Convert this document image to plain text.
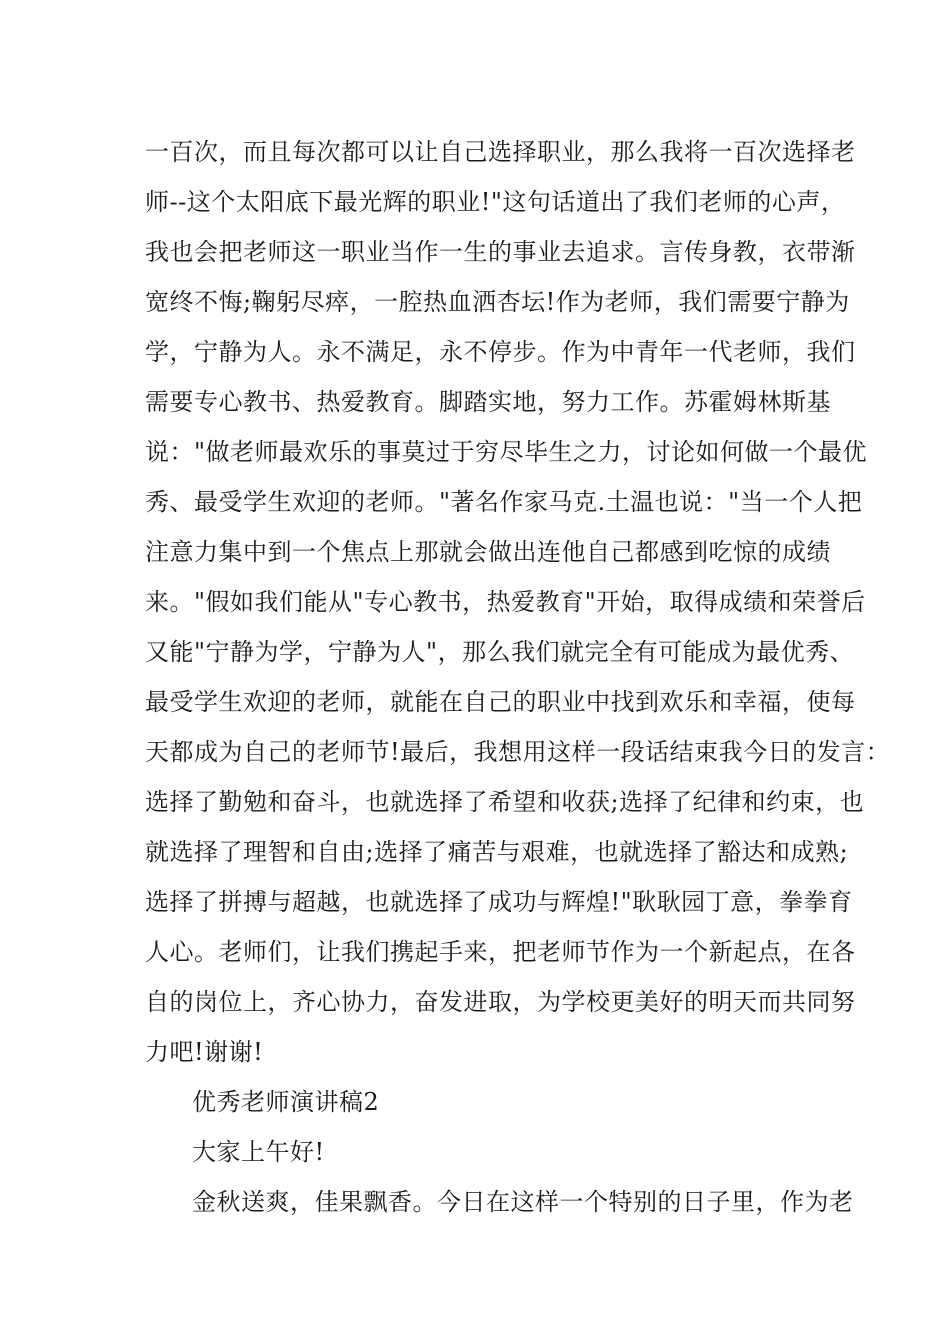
一百次，而且每次都可以让自己选择职业，那么我将一百次选择老
师--这个太阳底下最光辉的职业!"这句话道出了我们老师的心声，
我也会把老师这一职业当作一生的事业去追求。言传身教，衣带渐
宽终不悔;鞠躬尽瘁，一腔热血洒杏坛!作为老师，我们需要宁静为
学，宁静为人。永不满足，永不停步。作为中青年一代老师，我们
需要专心教书、热爱教育。脚踏实地，努力工作。苏霍姆林斯基
说："做老师最欢乐的事莫过于穷尽毕生之力，讨论如何做一个最优
秀、最受学生欢迎的老师。"著名作家马克.土温也说："当一个人把
注意力集中到一个焦点上那就会做出连他自己都感到吃惊的成绩
来。"假如我们能从"专心教书，热爱教育"开始，取得成绩和荣誉后
又能"宁静为学，宁静为人"，那么我们就完全有可能成为最优秀、
最受学生欢迎的老师，就能在自己的职业中找到欢乐和幸福，使每
天都成为自己的老师节!最后，我想用这样一段话结束我今日的发言：
选择了勤勉和奋斗，也就选择了希望和收获;选择了纪律和约束，也
就选择了理智和自由;选择了痛苦与艰难，也就选择了豁达和成熟;
选择了拼搏与超越，也就选择了成功与辉煌!"耿耿园丁意，拳拳育
人心。老师们，让我们携起手来，把老师节作为一个新起点，在各
自的岗位上，齐心协力，奋发进取，为学校更美好的明天而共同努
力吧!谢谢!
优秀老师演讲稿2
大家上午好!
金秋送爽，佳果飘香。今日在这样一个特别的日子里，作为老
